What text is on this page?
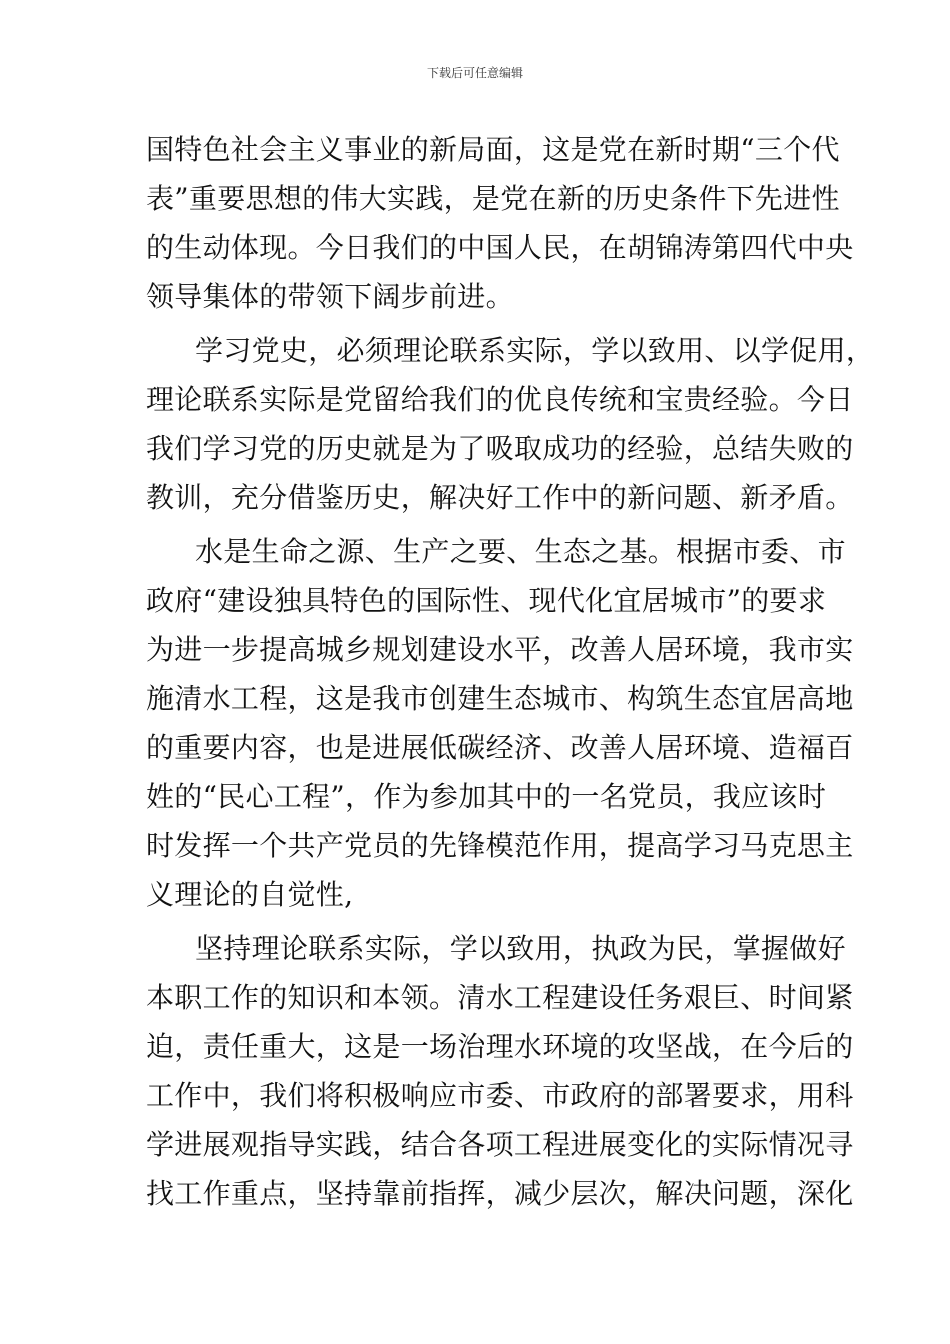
下载后可任意编辑
国特色社会主义事业的新局面，这是党在新时期“三个代
表”重要思想的伟大实践，是党在新的历史条件下先进性
的生动体现。今日我们的中国人民，在胡锦涛第四代中央
领导集体的带领下阔步前进。
学习党史，必须理论联系实际，学以致用、以学促用，
理论联系实际是党留给我们的优良传统和宝贵经验。今日
我们学习党的历史就是为了吸取成功的经验，总结失败的
教训，充分借鉴历史，解决好工作中的新问题、新矛盾。
水是生命之源、生产之要、生态之基。根据市委、市
政府“建设独具特色的国际性、现代化宜居城市”的要求
为进一步提高城乡规划建设水平，改善人居环境，我市实
施清水工程，这是我市创建生态城市、构筑生态宜居高地
的重要内容，也是进展低碳经济、改善人居环境、造福百
姓的“民心工程”，作为参加其中的一名党员，我应该时
时发挥一个共产党员的先锋模范作用，提高学习马克思主
义理论的自觉性,
坚持理论联系实际，学以致用，执政为民，掌握做好
本职工作的知识和本领。清水工程建设任务艰巨、时间紧
迫，责任重大，这是一场治理水环境的攻坚战，在今后的
工作中，我们将积极响应市委、市政府的部署要求，用科
学进展观指导实践，结合各项工程进展变化的实际情况寻
找工作重点，坚持靠前指挥，减少层次，解决问题，深化
